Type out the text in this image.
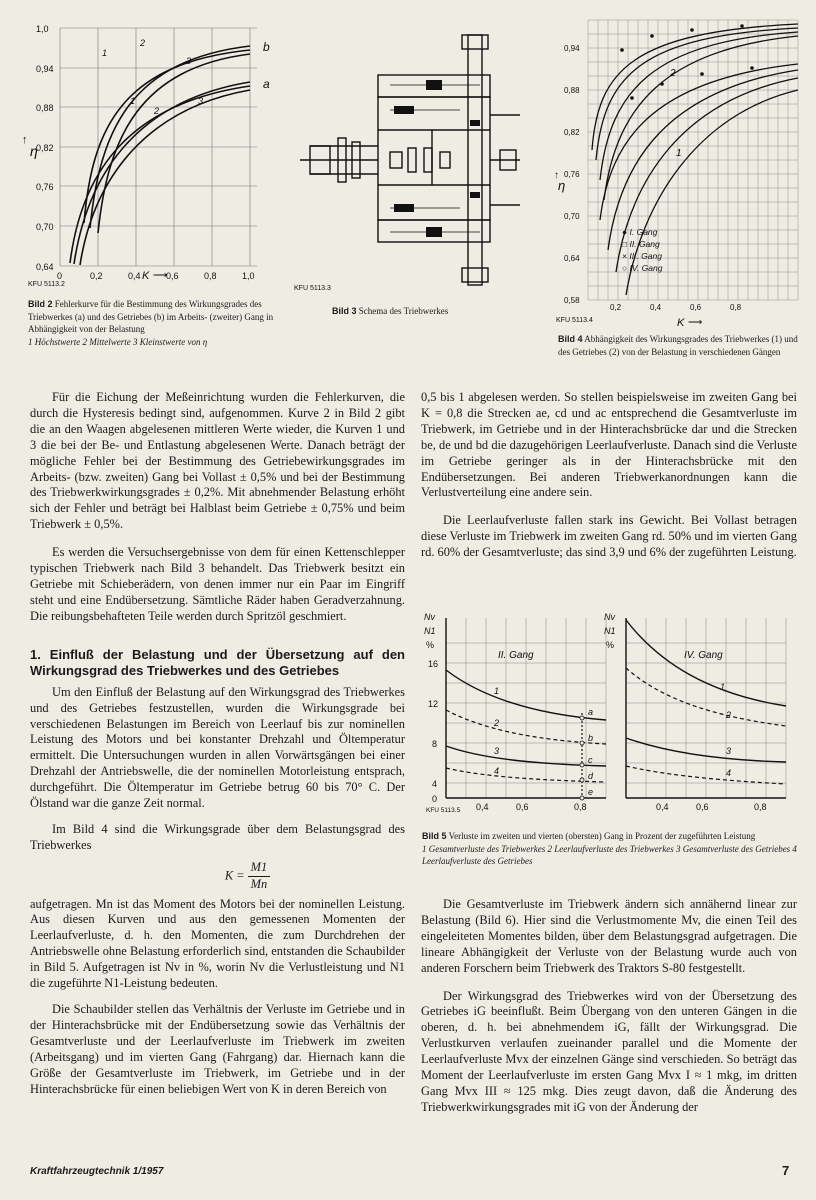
1,0
0,94
0,88
0,82
0,76
0,70
0,64
0	0,2	0,4	0,6	0,8	1,0
1
2
3
1
2
3
b
a
η
K
↑
⟶
KFU 5113.2
Bild 2 Fehlerkurve für die Bestimmung des Wirkungsgrades des Triebwerkes (a) und des Getriebes (b) im Arbeits- (zweiter) Gang in Abhängigkeit von der Belastung
1 Höchstwerte 2 Mittelwerte 3 Kleinstwerte von η
KFU 5113.3
Bild 3 Schema des Triebwerkes
0,94
0,88
0,82
0,76
0,70
0,64
0,58
0,2	0,4	0,6	0,8
2
1
η
K
● I. Gang
□ II. Gang
× III. Gang
○ IV. Gang
↑
⟶
KFU 5113.4
Bild 4 Abhängigkeit des Wirkungsgrades des Triebwerkes (1) und des Getriebes (2) von der Belastung in verschiedenen Gängen

Für die Eichung der Meßeinrichtung wurden die Fehlerkurven, die durch die Hysteresis bedingt sind, aufgenommen. Kurve 2 in Bild 2 gibt die an den Waagen abgelesenen mittleren Werte wieder, die Kurven 1 und 3 die bei der Be- und Entlastung abgelesenen Werte. Danach beträgt der mögliche Fehler bei der Bestimmung des Getriebewirkungsgrades im Arbeits- (bzw. zweiten) Gang bei Vollast ± 0,5% und bei der Bestimmung des Triebwerkwirkungsgrades ± 0,2%. Mit abnehmender Belastung erhöht sich der Fehler und beträgt bei Halblast beim Getriebe ± 0,75% und beim Triebwerk ± 0,5%.

Es werden die Versuchsergebnisse von dem für einen Kettenschlepper typischen Triebwerk nach Bild 3 behandelt. Das Triebwerk besitzt ein Getriebe mit Schieberädern, von denen immer nur ein Paar im Eingriff steht und eine Endübersetzung. Sämtliche Räder haben Geradverzahnung. Die reibungsbehafteten Teile werden durch Spritzöl geschmiert.

1. Einfluß der Belastung und der Übersetzung auf den Wirkungsgrad des Triebwerkes und des Getriebes

Um den Einfluß der Belastung auf den Wirkungsgrad des Triebwerkes und des Getriebes festzustellen, wurden die Wirkungsgrade bei verschiedenen Belastungen im Bereich von Leerlauf bis zur nominellen Leistung des Motors und bei konstanter Drehzahl und Öltemperatur ermittelt. Die Untersuchungen wurden in allen Vorwärtsgängen bei einer Drehzahl der Antriebswelle, die der nominellen Motorleistung entsprach, durchgeführt. Die Öltemperatur im Getriebe betrug 60 bis 70° C. Der Ölstand war die ganze Zeit normal.

Im Bild 4 sind die Wirkungsgrade über dem Belastungsgrad des Triebwerkes

$K = \frac{M1}{Mn}$

aufgetragen. Mn ist das Moment des Motors bei der nominellen Leistung. Aus diesen Kurven und aus den gemessenen Momenten der Leerlaufverluste, d. h. den Momenten, die zum Durchdrehen der Antriebswelle ohne Belastung erforderlich sind, entstanden die Schaubilder in Bild 5. Aufgetragen ist Nv in %, worin Nv die Verlustleistung und N1 die zugeführte N1-Leistung bedeuten.

Die Schaubilder stellen das Verhältnis der Verluste im Getriebe und in der Hinterachsbrücke mit der Endübersetzung sowie das Verhältnis der Gesamtverluste und der Leerlaufverluste im Triebwerk im zweiten (Arbeitsgang) und im vierten Gang (Fahrgang) dar. Hiernach kann die Größe der Gesamtverluste im Triebwerk, im Getriebe und in der Hinterachsbrücke für einen beliebigen Wert von K in deren Bereich von

0,5 bis 1 abgelesen werden. So stellen beispielsweise im zweiten Gang bei K = 0,8 die Strecken ae, cd und ac entsprechend die Gesamtverluste im Triebwerk, im Getriebe und in der Hinterachsbrücke dar und die Strecken be, de und bd die dazugehörigen Leerlaufverluste. Danach sind die Verluste im Getriebe geringer als in der Hinterachsbrücke mit den Endübersetzungen. Bei anderen Triebwerkanordnungen kann die Verlustverteilung eine andere sein.

Die Leerlaufverluste fallen stark ins Gewicht. Bei Vollast betragen diese Verluste im Triebwerk im zweiten Gang rd. 50% und im vierten Gang rd. 60% der Gesamtverluste; das sind 3,9 und 6% der zugeführten Leistung.

Nv
N1
%
16
12
8
4
0
0,4	0,6	0,8
Nv
N1
%
0,4	0,6	0,8
II. Gang	IV. Gang
a
b
c
d
e
1
2
3
4
1
2
3
4
KFU 5113.5
Bild 5 Verluste im zweiten und vierten (obersten) Gang in Prozent der zugeführten Leistung
1 Gesamtverluste des Triebwerkes 2 Leerlaufverluste des Triebwerkes 3 Gesamtverluste des Getriebes 4 Leerlaufverluste des Getriebes

Die Gesamtverluste im Triebwerk ändern sich annähernd linear zur Belastung (Bild 6). Hier sind die Verlustmomente Mv, die einen Teil des eingeleiteten Momentes bilden, über dem Belastungsgrad aufgetragen. Die lineare Abhängigkeit der Verluste von der Belastung wurde auch von anderen Forschern beim Triebwerk des Traktors S-80 festgestellt.

Der Wirkungsgrad des Triebwerkes wird von der Übersetzung des Getriebes iG beeinflußt. Beim Übergang von den unteren Gängen in die oberen, d. h. bei abnehmendem iG, fällt der Wirkungsgrad. Die Verlustkurven verlaufen zueinander parallel und die Momente der Leerlaufverluste Mvx der einzelnen Gänge sind verschieden. So beträgt das Moment der Leerlaufverluste im ersten Gang Mvx I ≈ 1 mkg, im dritten Gang Mvx III ≈ 125 mkg. Dies zeugt davon, daß die Änderung des Triebwerkwirkungsgrades mit iG von der Änderung der

Kraftfahrzeugtechnik 1/1957	7
